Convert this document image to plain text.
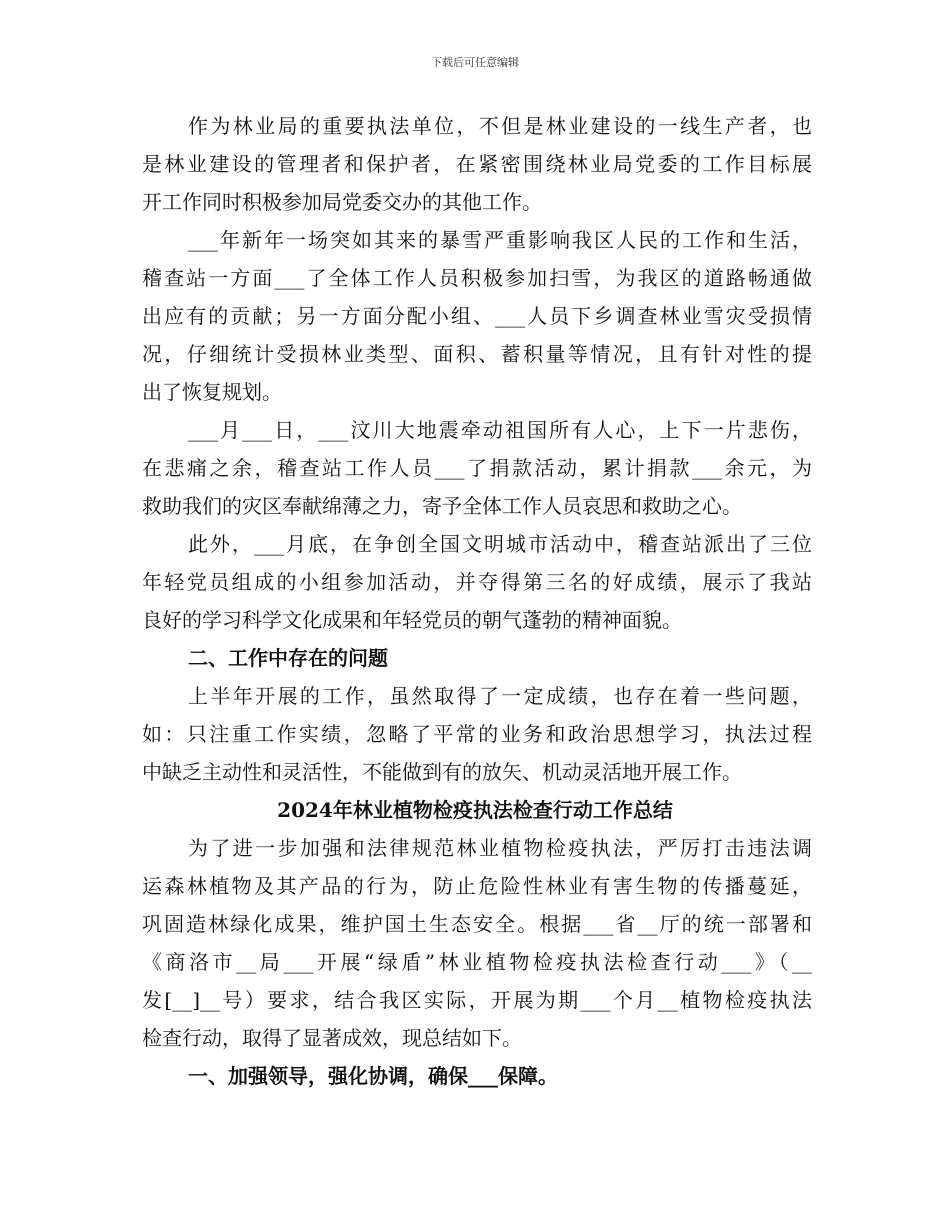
下载后可任意编辑
作为林业局的重要执法单位，不但是林业建设的一线生产者，也
是林业建设的管理者和保护者，在紧密围绕林业局党委的工作目标展
开工作同时积极参加局党委交办的其他工作。
___年新年一场突如其来的暴雪严重影响我区人民的工作和生活，
稽查站一方面___了全体工作人员积极参加扫雪，为我区的道路畅通做
出应有的贡献；另一方面分配小组、___人员下乡调查林业雪灾受损情
况，仔细统计受损林业类型、面积、蓄积量等情况，且有针对性的提
出了恢复规划。
___月___日，___汶川大地震牵动祖国所有人心，上下一片悲伤，
在悲痛之余，稽查站工作人员___了捐款活动，累计捐款___余元，为
救助我们的灾区奉献绵薄之力，寄予全体工作人员哀思和救助之心。
此外，___月底，在争创全国文明城市活动中，稽查站派出了三位
年轻党员组成的小组参加活动，并夺得第三名的好成绩，展示了我站
良好的学习科学文化成果和年轻党员的朝气蓬勃的精神面貌。
二、工作中存在的问题
上半年开展的工作，虽然取得了一定成绩，也存在着一些问题，
如：只注重工作实绩，忽略了平常的业务和政治思想学习，执法过程
中缺乏主动性和灵活性，不能做到有的放矢、机动灵活地开展工作。
2024年林业植物检疫执法检查行动工作总结
为了进一步加强和法律规范林业植物检疫执法，严厉打击违法调
运森林植物及其产品的行为，防止危险性林业有害生物的传播蔓延，
巩固造林绿化成果，维护国土生态安全。根据___省__厅的统一部署和
《商洛市__局___开展“绿盾”林业植物检疫执法检查行动___》（__
发[__]__号）要求，结合我区实际，开展为期___个月__植物检疫执法
检查行动，取得了显著成效，现总结如下。
一、加强领导，强化协调，确保___保障。
